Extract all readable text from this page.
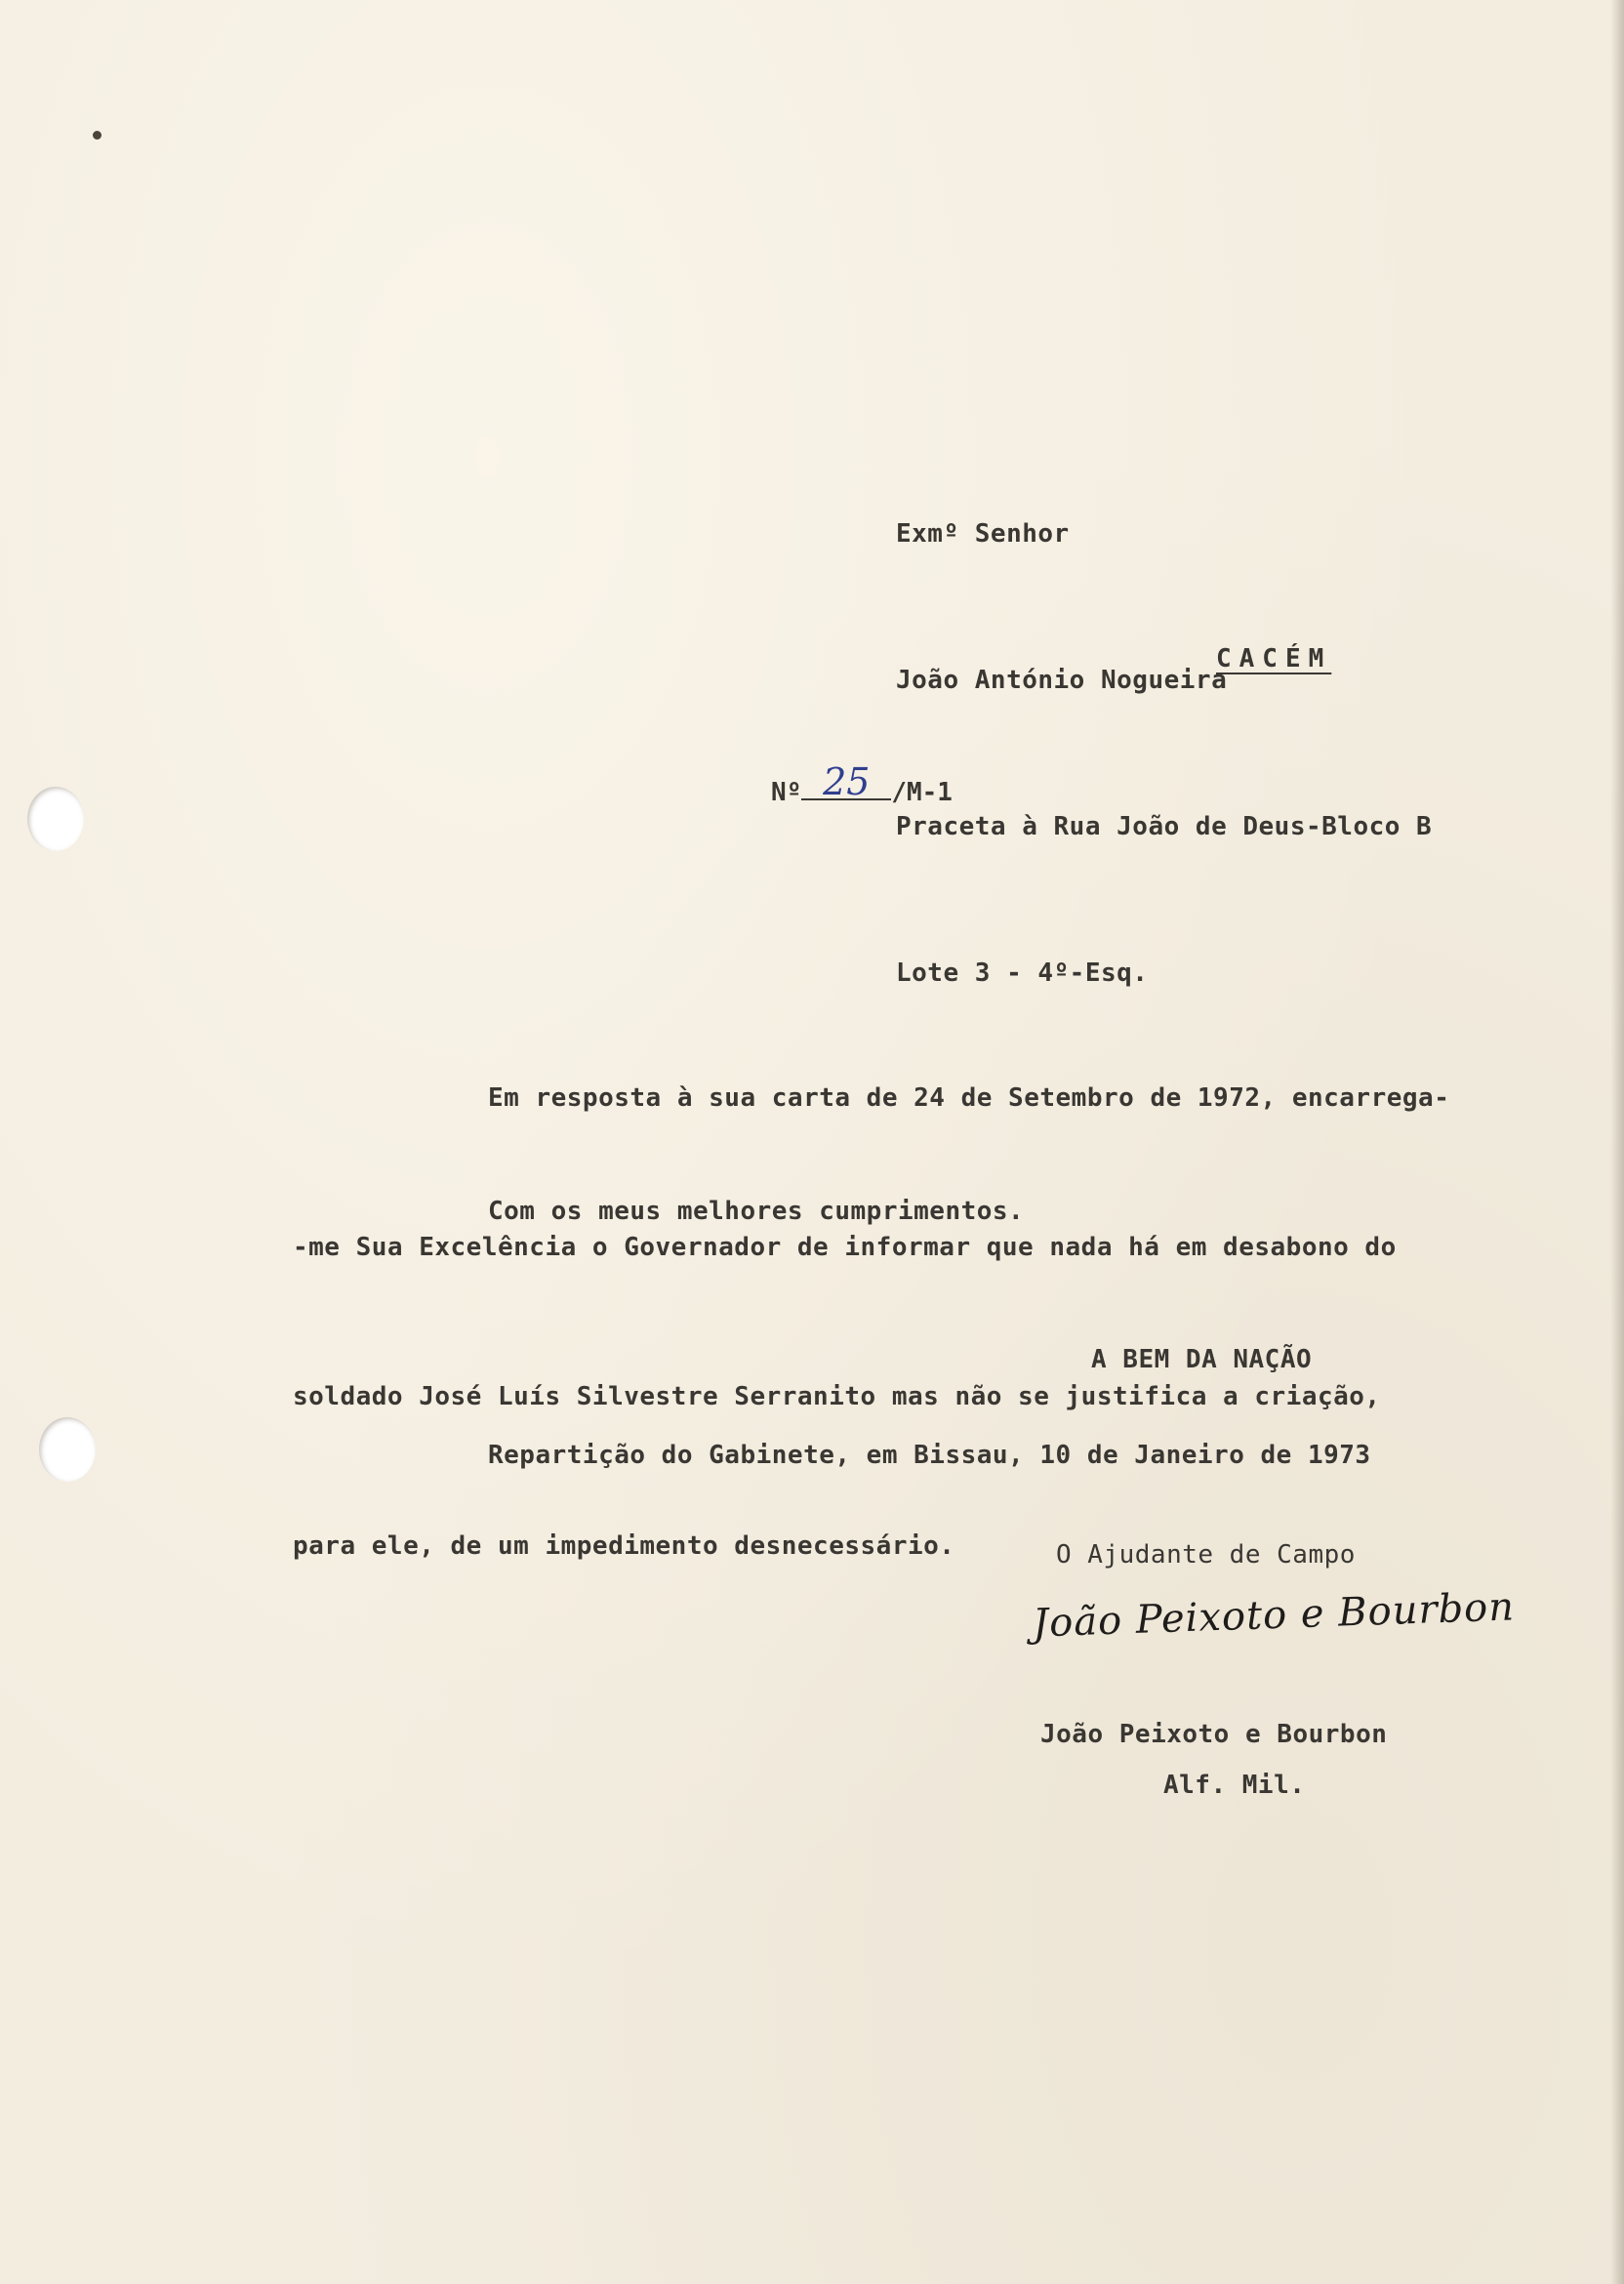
Exmº Senhor

João António Nogueira

Praceta à Rua João de Deus-Bloco B

Lote 3 - 4º-Esq.

CACÉM
Nº 25 /M-1

Em resposta à sua carta de 24 de Setembro de 1972, encarrega-

-me Sua Excelência o Governador de informar que nada há em desabono do

soldado José Luís Silvestre Serranito mas não se justifica a criação,

para ele, de um impedimento desnecessário.

Com os meus melhores cumprimentos.
A BEM DA NAÇÃO
Repartição do Gabinete, em Bissau, 10 de Janeiro de 1973
O Ajudante de Campo
João Peixoto e Bourbon
João Peixoto e Bourbon
Alf. Mil.
